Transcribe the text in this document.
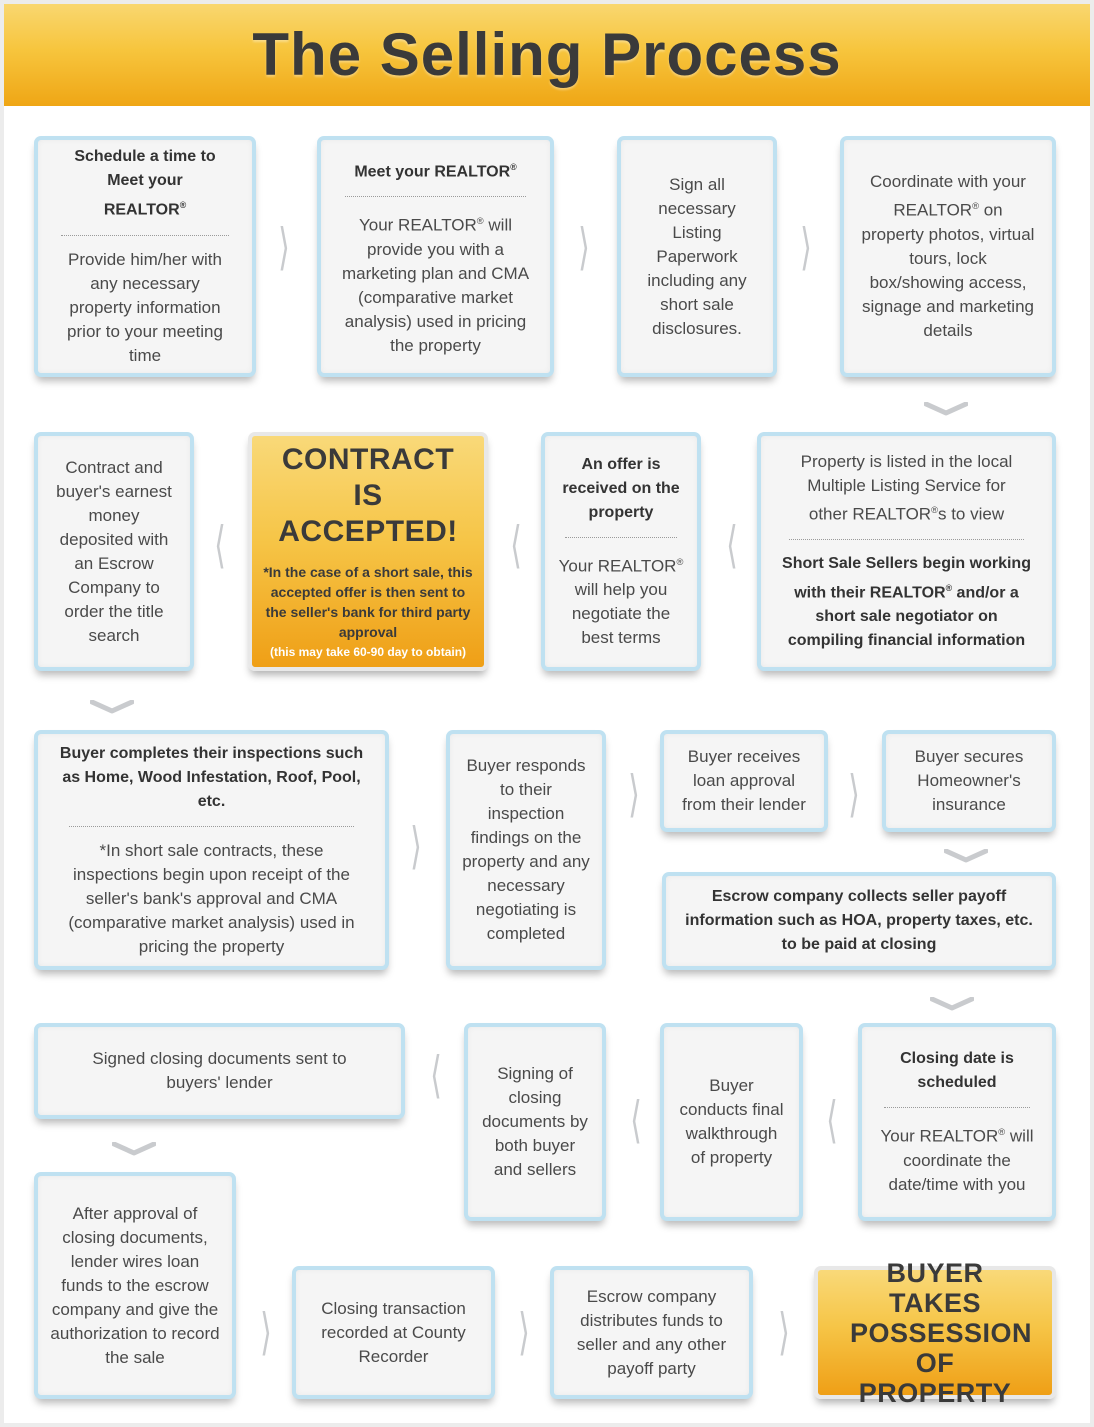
The Selling Process
Schedule a time to Meet your REALTOR®
Provide him/her with any necessary property information prior to your meeting time
⟩
Meet your REALTOR®
Your REALTOR® will provide you with a marketing plan and CMA (comparative market analysis) used in pricing the property
⟩
Sign all necessary Listing Paperwork including any short sale disclosures.
⟩
Coordinate with your REALTOR® on property photos, virtual tours, lock box/showing access, signage and marketing details
Contract and buyer's earnest money deposited with an Escrow Company to order the title search
⟨
CONTRACT IS ACCEPTED!
*In the case of a short sale, this accepted offer is then sent to the seller's bank for third party approval
(this may take 60-90 day to obtain)
⟨
An offer is received on the property
Your REALTOR® will help you negotiate the best terms
⟨
Property is listed in the local Multiple Listing Service for other REALTOR®s to view
Short Sale Sellers begin working with their REALTOR® and/or a short sale negotiator on compiling financial information
Buyer completes their inspections such as Home, Wood Infestation, Roof, Pool, etc.
*In short sale contracts, these inspections begin upon receipt of the seller's bank's approval and CMA (comparative market analysis) used in pricing the property
⟩
Buyer responds to their inspection findings on the property and any necessary negotiating is completed
⟩
Buyer receives loan approval from their lender ⟩
Buyer secures Homeowner's insurance
Escrow company collects seller payoff information such as HOA, property taxes, etc. to be paid at closing
Signed closing documents sent to buyers' lender	⟨	Signing of closing documents by both buyer and sellers
⟨
Buyer conducts final walkthrough of property
⟨
Closing date is scheduled
Your REALTOR® will coordinate the date/time with you
After approval of closing documents, lender wires loan funds to the escrow company and give the authorization to record the sale	⟩	Closing transaction recorded at County Recorder	⟩
Escrow company distributes funds to seller and any other payoff party
⟩
BUYER TAKES POSSESSION OF PROPERTY
